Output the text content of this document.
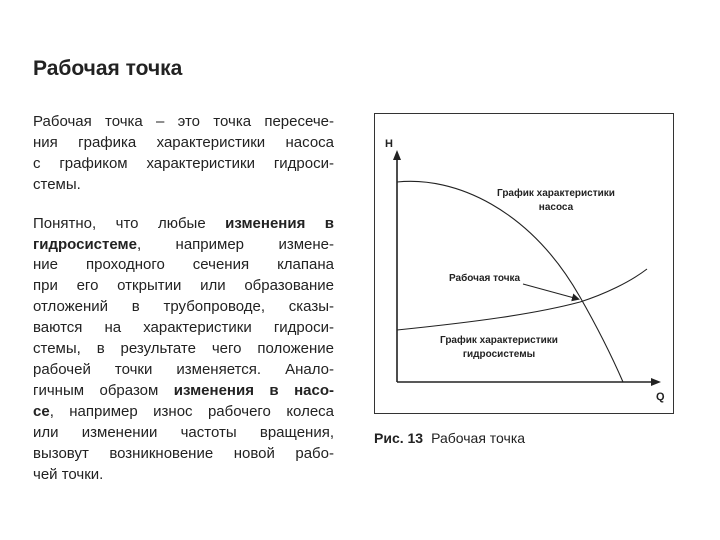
Рабочая точка

Рабочая точка – это точка пересече-
ния графика характеристики насоса
с графиком характеристики гидроси-
стемы.

Понятно, что любые изменения в
гидросистеме, например измене-
ние проходного сечения клапана
при его открытии или образование
отложений в трубопроводе, сказы-
ваются на характеристики гидроси-
стемы, в результате чего положение
рабочей точки изменяется. Анало-
гичным образом изменения в насо-
се, например износ рабочего колеса
или изменении частоты вращения,
вызовут возникновение новой рабо-
чей точки.

H
Q
График характеристики
насоса
Рабочая точка
График характеристики
гидросистемы
Рис. 13 Рабочая точка
